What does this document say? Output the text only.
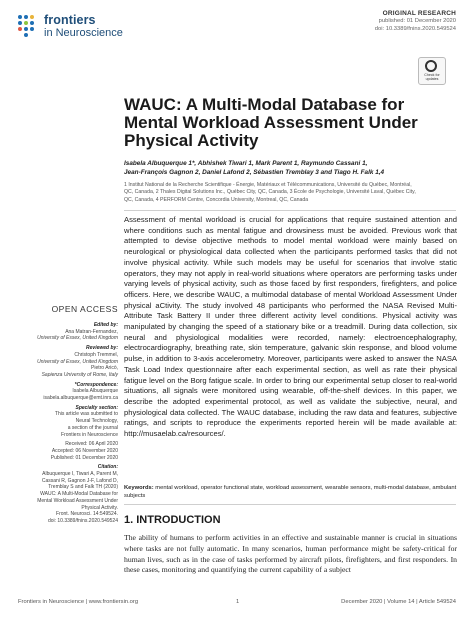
frontiers
in Neuroscience
ORIGINAL RESEARCH
published: 01 December 2020
doi: 10.3389/fnins.2020.549524
Check for updates
WAUC: A Multi-Modal Database for Mental Workload Assessment Under Physical Activity
Isabela Albuquerque 1*, Abhishek Tiwari 1, Mark Parent 1, Raymundo Cassani 1,
Jean-François Gagnon 2, Daniel Lafond 2, Sébastien Tremblay 3 and Tiago H. Falk 1,4
1 Institut National de la Recherche Scientifique - Énergie, Matériaux et Télécommunications, Université du Québec, Montréal,
QC, Canada, 2 Thales Digital Solutions Inc., Québec City, QC, Canada, 3 École de Psychologie, Université Laval, Québec City,
QC, Canada, 4 PERFORM Centre, Concordia University, Montreal, QC, Canada
Assessment of mental workload is crucial for applications that require sustained attention and where conditions such as mental fatigue and drowsiness must be avoided. Previous work that attempted to devise objective methods to model mental workload were mainly based on neurological or physiological data collected when the participants performed tasks that did not involve physical activity. While such models may be useful for scenarios that involve static operators, they may not apply in real-world situations where operators are performing tasks under varying levels of physical activity, such as those faced by first responders, firefighters, and police officers. Here, we describe WAUC, a multimodal database of mental Workload Assessment Under physical aCtivity. The study involved 48 participants who performed the NASA Revised Multi-Attribute Task Battery II under three different activity level conditions. Physical activity was manipulated by changing the speed of a stationary bike or a treadmill. During data collection, six neural and physiological modalities were recorded, namely: electroencephalography, electrocardiography, breathing rate, skin temperature, galvanic skin response, and blood volume pulse, in addition to 3-axis accelerometry. Moreover, participants were asked to answer the NASA Task Load Index questionnaire after each experimental section, as well as rate their physical fatigue level on the Borg fatigue scale. In order to bring our experimental setup closer to real-world situations, all signals were monitored using wearable, off-the-shelf devices. In this paper, we describe the adopted experimental protocol, as well as validate the subjective, neural, and physiological data collected. The WAUC database, including the raw data and features, subjective ratings, and scripts to reproduce the experiments reported herein will be made available at: http://musaelab.ca/resources/.
Keywords: mental workload, operator functional state, workload assessment, wearable sensors, multi-modal database, ambulant subjects
1. INTRODUCTION
The ability of humans to perform activities in an effective and sustainable manner is crucial in situations where tasks are not fully automatic. In many scenarios, human performance might be safety-critical for human lives, such as in the case of tasks performed by aircraft pilots, firefighters, and first responders. In these cases, monitoring and quantifying the current capability of a subject
OPEN ACCESS
Edited by:
Ana Matran-Fernandez,
University of Essex, United Kingdom
Reviewed by:
Christoph Tremmel,
University of Essex, United Kingdom
Pietro Aricò,
Sapienza University of Rome, Italy
*Correspondence:
Isabela Albuquerque
isabela.albuquerque@emt.inrs.ca
Specialty section:
This article was submitted to
Neural Technology,
a section of the journal
Frontiers in Neuroscience
Received: 06 April 2020
Accepted: 06 November 2020
Published: 01 December 2020
Citation:
Albuquerque I, Tiwari A, Parent M,
Cassani R, Gagnon J-F, Lafond D,
Tremblay S and Falk TH (2020)
WAUC: A Multi-Modal Database for
Mental Workload Assessment Under
Physical Activity.
Front. Neurosci. 14:549524.
doi: 10.3389/fnins.2020.549524
Frontiers in Neuroscience | www.frontiersin.org	1	December 2020 | Volume 14 | Article 549524
